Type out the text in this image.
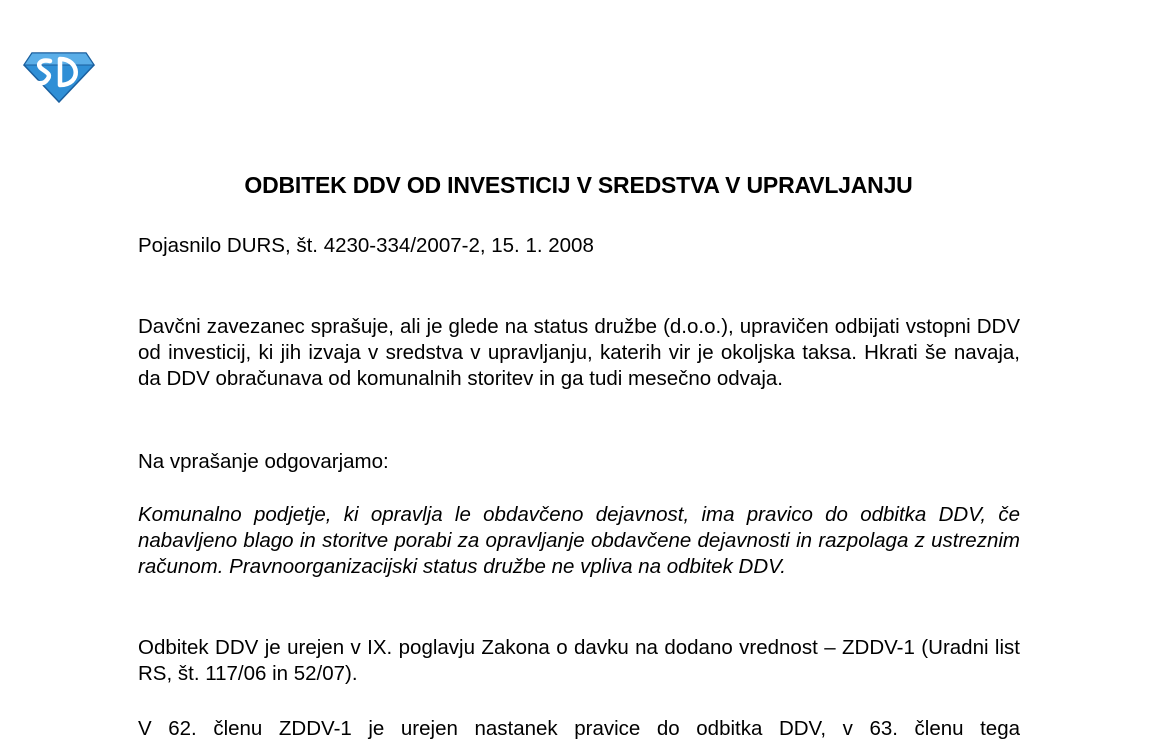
ODBITEK DDV OD INVESTICIJ V SREDSTVA V UPRAVLJANJU
Pojasnilo DURS, št. 4230-334/2007-2, 15. 1. 2008

Davčni zavezanec sprašuje, ali je glede na status družbe (d.o.o.), upravičen odbijati vstopni DDV od investicij, ki jih izvaja v sredstva v upravljanju, katerih vir je okoljska taksa. Hkrati še navaja, da DDV obračunava od komunalnih storitev in ga tudi mesečno odvaja.

Na vprašanje odgovarjamo:

Komunalno podjetje, ki opravlja le obdavčeno dejavnost, ima pravico do odbitka DDV, če nabavljeno blago in storitve porabi za opravljanje obdavčene dejavnosti in razpolaga z ustreznim računom. Pravnoorganizacijski status družbe ne vpliva na odbitek DDV.

Odbitek DDV je urejen v IX. poglavju Zakona o davku na dodano vrednost – ZDDV-1 (Uradni list RS, št. 117/06 in 52/07).

V 62. členu ZDDV-1 je urejen nastanek pravice do odbitka DDV, v 63. členu tega
